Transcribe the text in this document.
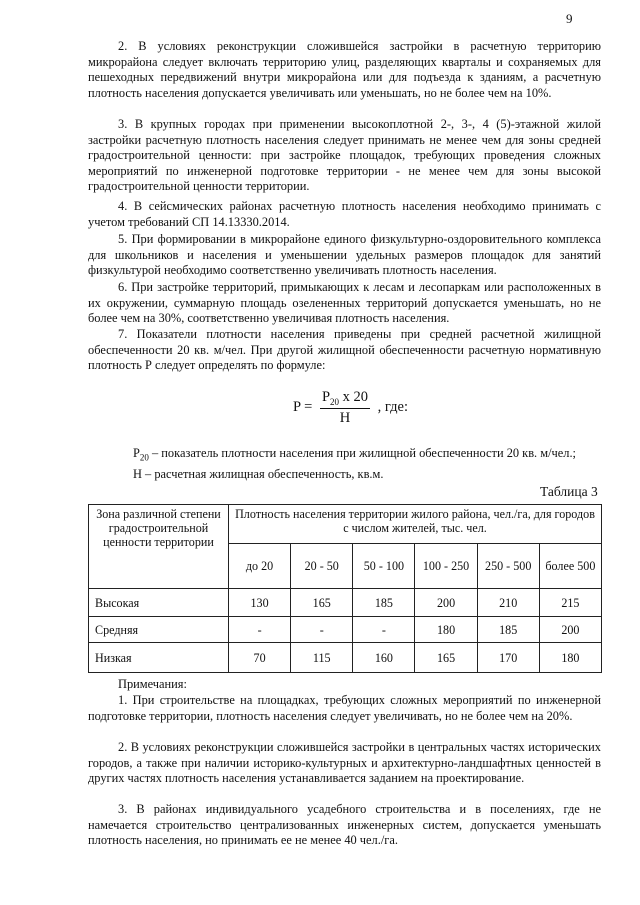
9

2. В условиях реконструкции сложившейся застройки в расчетную территорию микрорайона следует включать территорию улиц, разделяющих кварталы и сохраняемых для пешеходных передвижений внутри микрорайона или для подъезда к зданиям, а расчетную плотность населения допускается увеличивать или уменьшать, но не более чем на 10%.

3. В крупных городах при применении высокоплотной 2-, 3-, 4 (5)-этажной жилой застройки расчетную плотность населения следует принимать не менее чем для зоны средней градостроительной ценности: при застройке площадок, требующих проведения сложных мероприятий по инженерной подготовке территории - не менее чем для зоны высокой градостроительной ценности территории.

4. В сейсмических районах расчетную плотность населения необходимо принимать с учетом требований СП 14.13330.2014.

5. При формировании в микрорайоне единого физкультурно-оздоровительного комплекса для школьников и населения и уменьшении удельных размеров площадок для занятий физкультурой необходимо соответственно увеличивать плотность населения.

6. При застройке территорий, примыкающих к лесам и лесопаркам или расположенных в их окружении, суммарную площадь озелененных территорий допускается уменьшать, но не более чем на 30%, соответственно увеличивая плотность населения.

7. Показатели плотности населения приведены при средней расчетной жилищной обеспеченности 20 кв. м/чел. При другой жилищной обеспеченности расчетную нормативную плотность Р следует определять по формуле:

$P = \frac{P_{20} x 20}{H}$ , где:
$P_{20}$ – показатель плотности населения при жилищной обеспеченности 20 кв. м/чел.;
Н – расчетная жилищная обеспеченность, кв.м.
Таблица 3
Зона различной степени градостроительной ценности территории	Плотность населения территории жилого района, чел./га, для городов с числом жителей, тыс. чел.					
	до 20	20 - 50	50 - 100	100 - 250	250 - 500	более 500
Высокая	130	165	185	200	210	215
Средняя	-	-	-	180	185	200
Низкая	70	115	160	165	170	180
Примечания:

1. При строительстве на площадках, требующих сложных мероприятий по инженерной подготовке территории, плотность населения следует увеличивать, но не более чем на 20%.

2. В условиях реконструкции сложившейся застройки в центральных частях исторических городов, а также при наличии историко-культурных и архитектурно-ландшафтных ценностей в других частях плотность населения устанавливается заданием на проектирование.

3. В районах индивидуального усадебного строительства и в поселениях, где не намечается строительство централизованных инженерных систем, допускается уменьшать плотность населения, но принимать ее не менее 40 чел./га.
